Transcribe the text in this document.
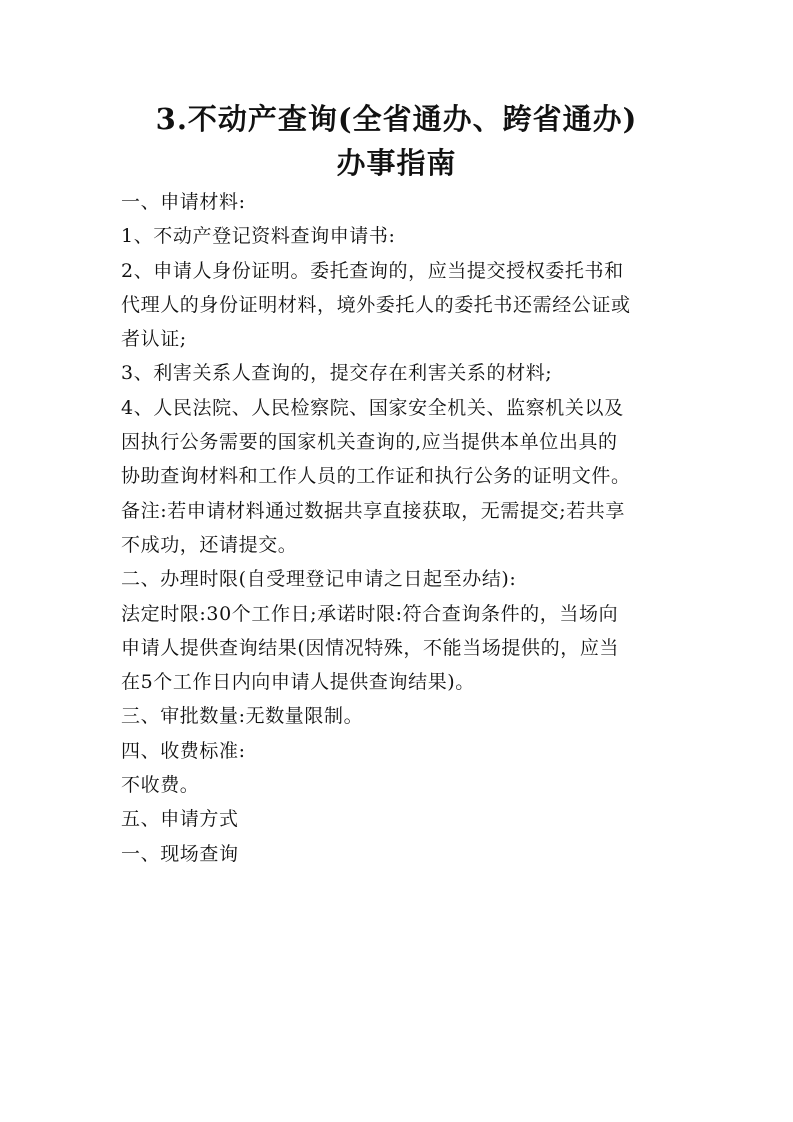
3.不动产查询(全省通办、跨省通办)
办事指南
一、申请材料:
1、不动产登记资料查询申请书:
2、申请人身份证明。委托查询的，应当提交授权委托书和
代理人的身份证明材料，境外委托人的委托书还需经公证或
者认证;
3、利害关系人查询的，提交存在利害关系的材料;
4、人民法院、人民检察院、国家安全机关、监察机关以及
因执行公务需要的国家机关查询的,应当提供本单位出具的
协助查询材料和工作人员的工作证和执行公务的证明文件。
备注:若申请材料通过数据共享直接获取，无需提交;若共享
不成功，还请提交。
二、办理时限(自受理登记申请之日起至办结):
法定时限:30个工作日;承诺时限:符合查询条件的，当场向
申请人提供查询结果(因情况特殊，不能当场提供的，应当
在5个工作日内向申请人提供查询结果)。
三、审批数量:无数量限制。
四、收费标准:
不收费。
五、申请方式
一、现场查询
